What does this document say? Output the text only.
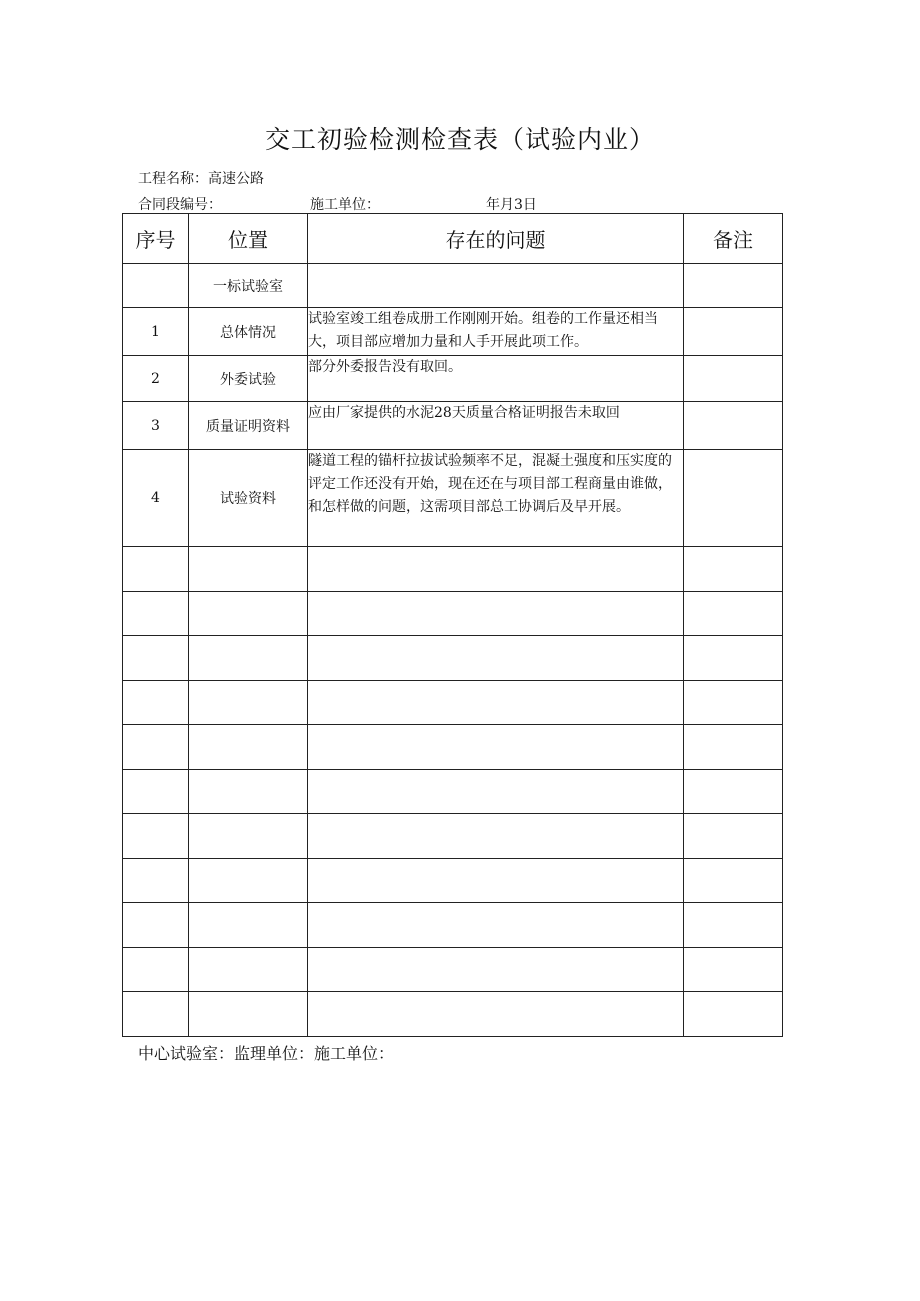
交工初验检测检查表（试验内业）
工程名称：高速公路
合同段编号：	施工单位：	年月3日
序号	位置	存在的问题	备注
	一标试验室		
1	总体情况	试验室竣工组卷成册工作刚刚开始。组卷的工作量还相当大，项目部应增加力量和人手开展此项工作。	
2	外委试验	部分外委报告没有取回。	
3	质量证明资料	应由厂家提供的水泥28天质量合格证明报告未取回	
4	试验资料	隧道工程的锚杆拉拔试验频率不足，混凝土强度和压实度的评定工作还没有开始，现在还在与项目部工程商量由谁做，和怎样做的问题，这需项目部总工协调后及早开展。	

中心试验室：监理单位：施工单位：
